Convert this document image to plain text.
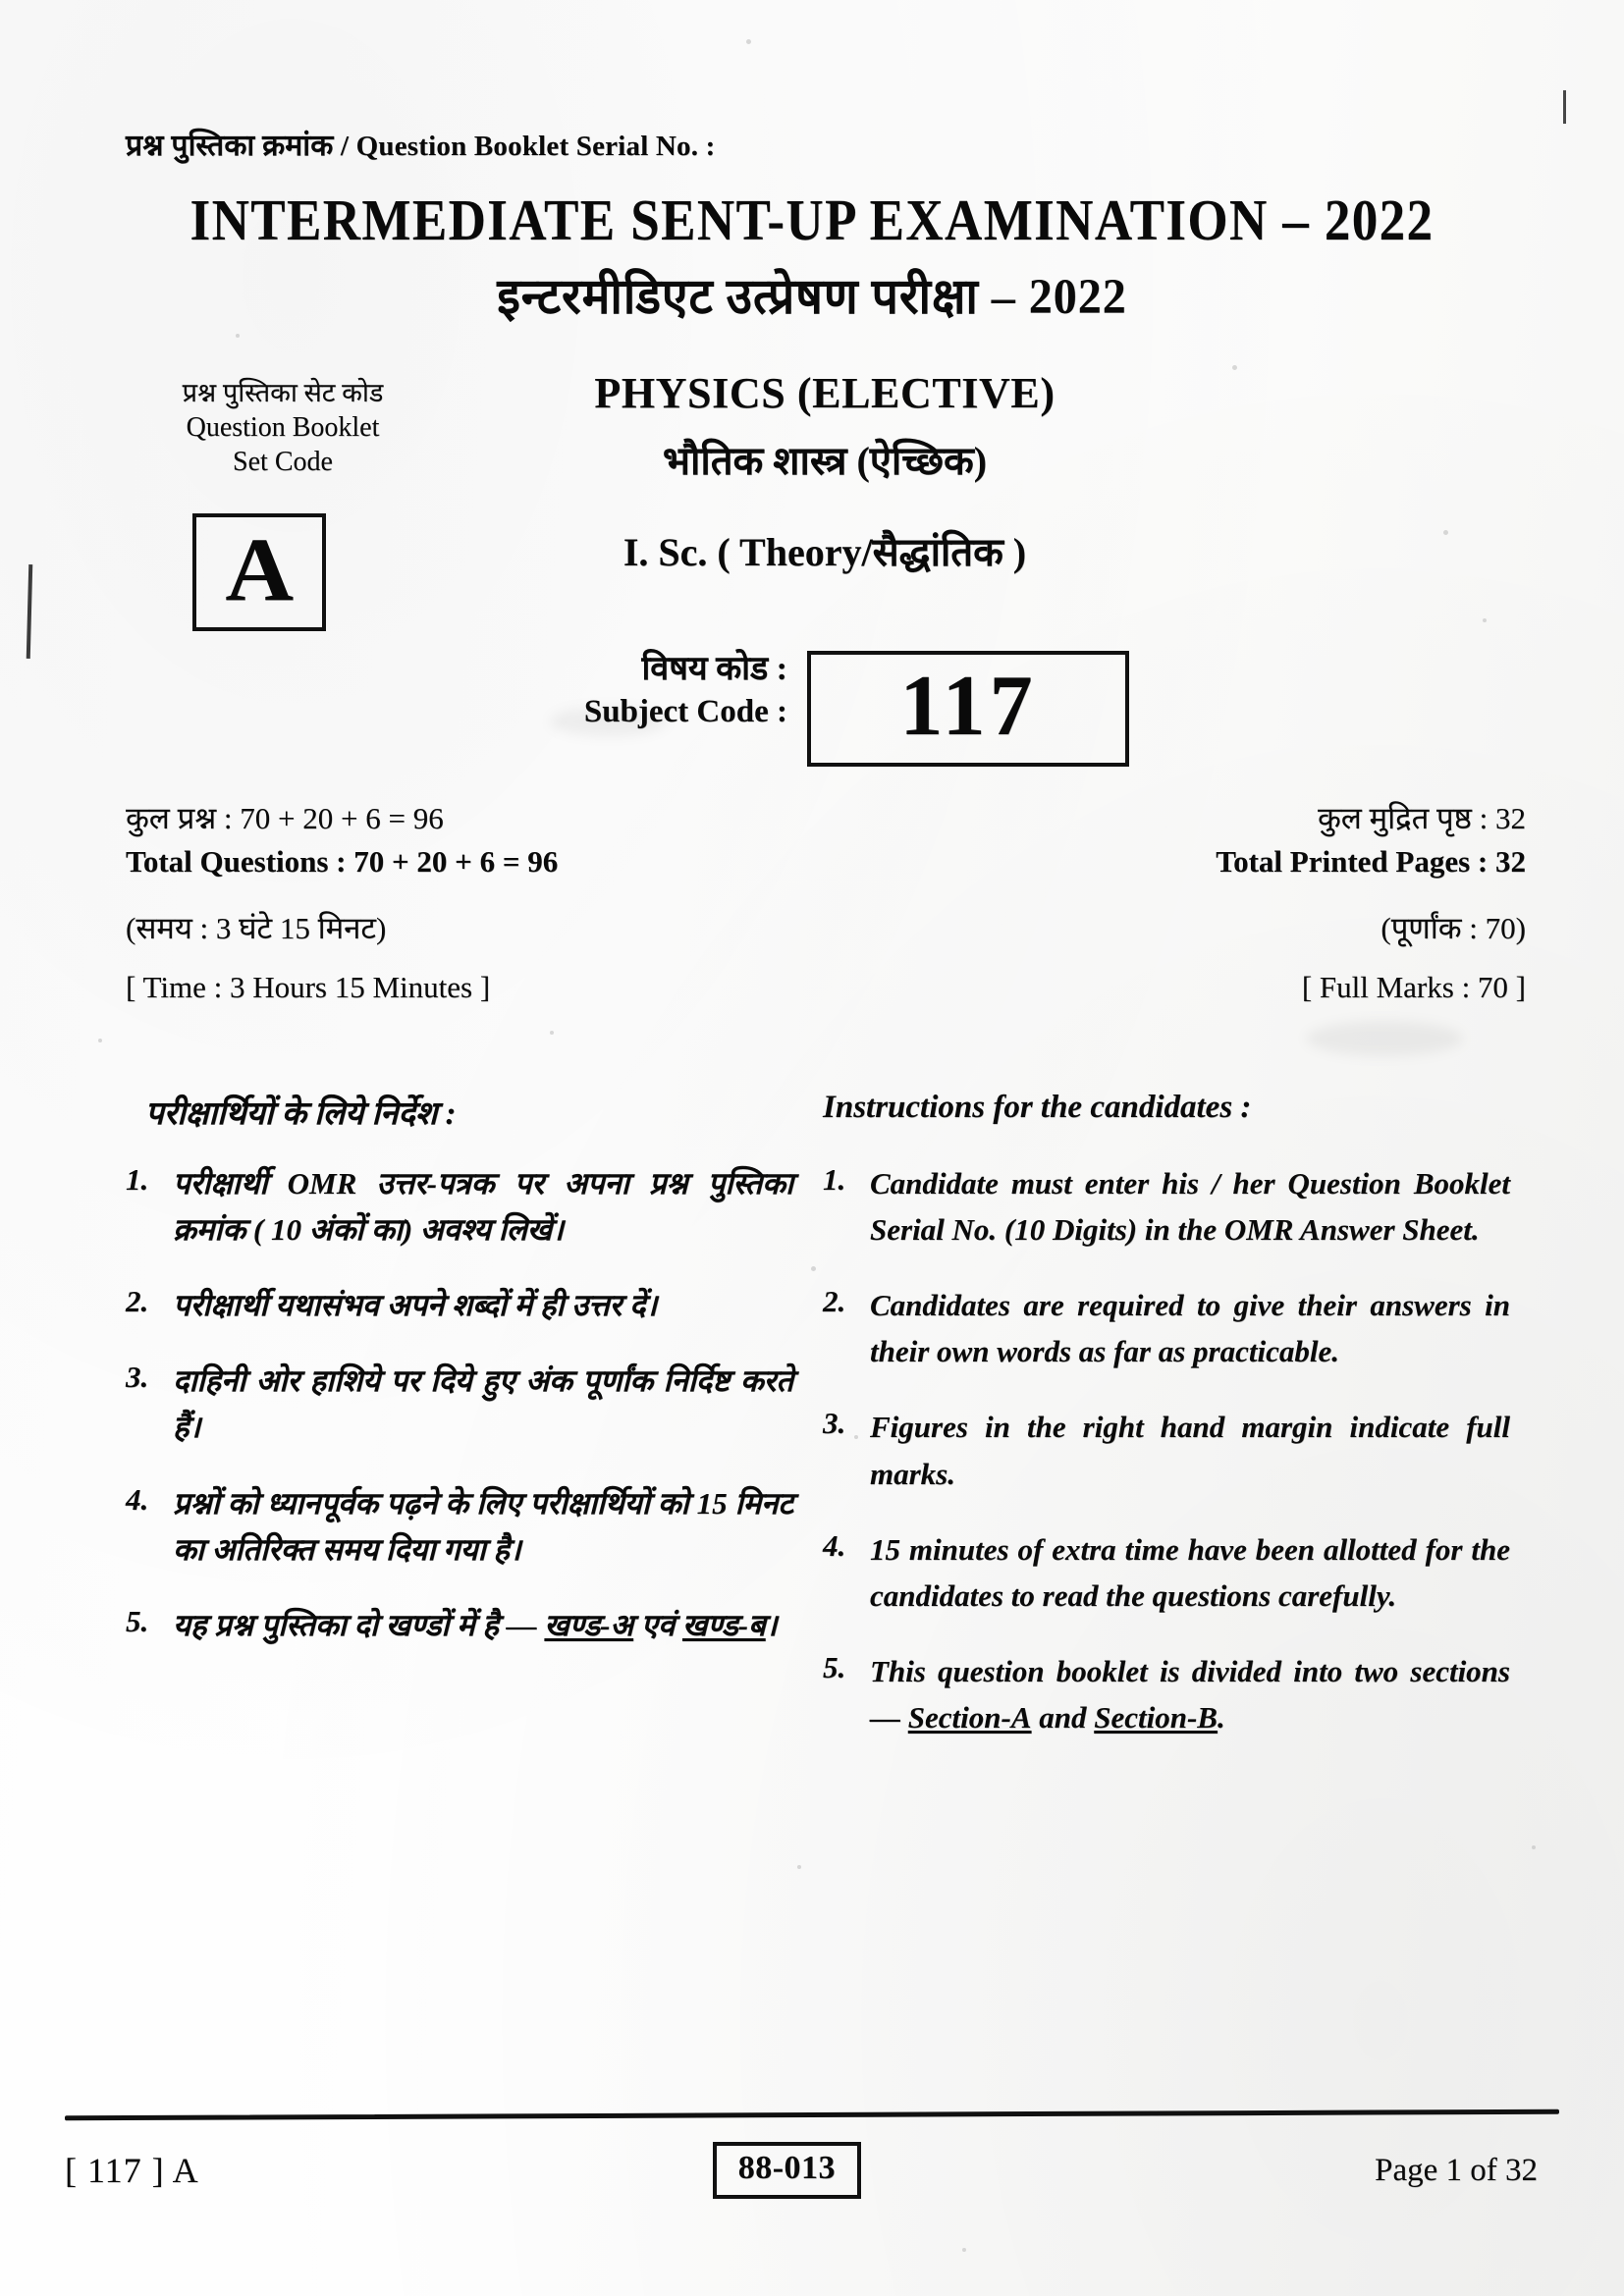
प्रश्न पुस्तिका क्रमांक / Question Booklet Serial No. :
INTERMEDIATE SENT-UP EXAMINATION – 2022
इन्टरमीडिएट उत्प्रेषण परीक्षा – 2022
प्रश्न पुस्तिका सेट कोड
Question Booklet
Set Code
A
PHYSICS (ELECTIVE)
भौतिक शास्त्र (ऐच्छिक)
I. Sc. ( Theory/सैद्धांतिक )
विषय कोड :
Subject Code : 117
कुल प्रश्न : 70 + 20 + 6 = 96	कुल मुद्रित पृष्ठ : 32
Total Questions : 70 + 20 + 6 = 96	Total Printed Pages : 32
(समय : 3 घंटे 15 मिनट)	(पूर्णांक : 70)
[ Time : 3 Hours 15 Minutes ]	[ Full Marks : 70 ]
परीक्षार्थियों के लिये निर्देश :	Instructions for the candidates :
1. परीक्षार्थी OMR उत्तर-पत्रक पर अपना प्रश्न पुस्तिका क्रमांक ( 10 अंकों का) अवश्य लिखें।
2. परीक्षार्थी यथासंभव अपने शब्दों में ही उत्तर दें।
3. दाहिनी ओर हाशिये पर दिये हुए अंक पूर्णांक निर्दिष्ट करते हैं।
4. प्रश्नों को ध्यानपूर्वक पढ़ने के लिए परीक्षार्थियों को 15 मिनट का अतिरिक्त समय दिया गया है।
5. यह प्रश्न पुस्तिका दो खण्डों में है — खण्ड-अ एवं खण्ड-ब।
1. Candidate must enter his / her Question Booklet Serial No. (10 Digits) in the OMR Answer Sheet.
2. Candidates are required to give their answers in their own words as far as practicable.
3. Figures in the right hand margin indicate full marks.
4. 15 minutes of extra time have been allotted for the candidates to read the questions carefully.
5. This question booklet is divided into two sections — Section-A and Section-B.
[ 117 ] A	88-013	Page 1 of 32
